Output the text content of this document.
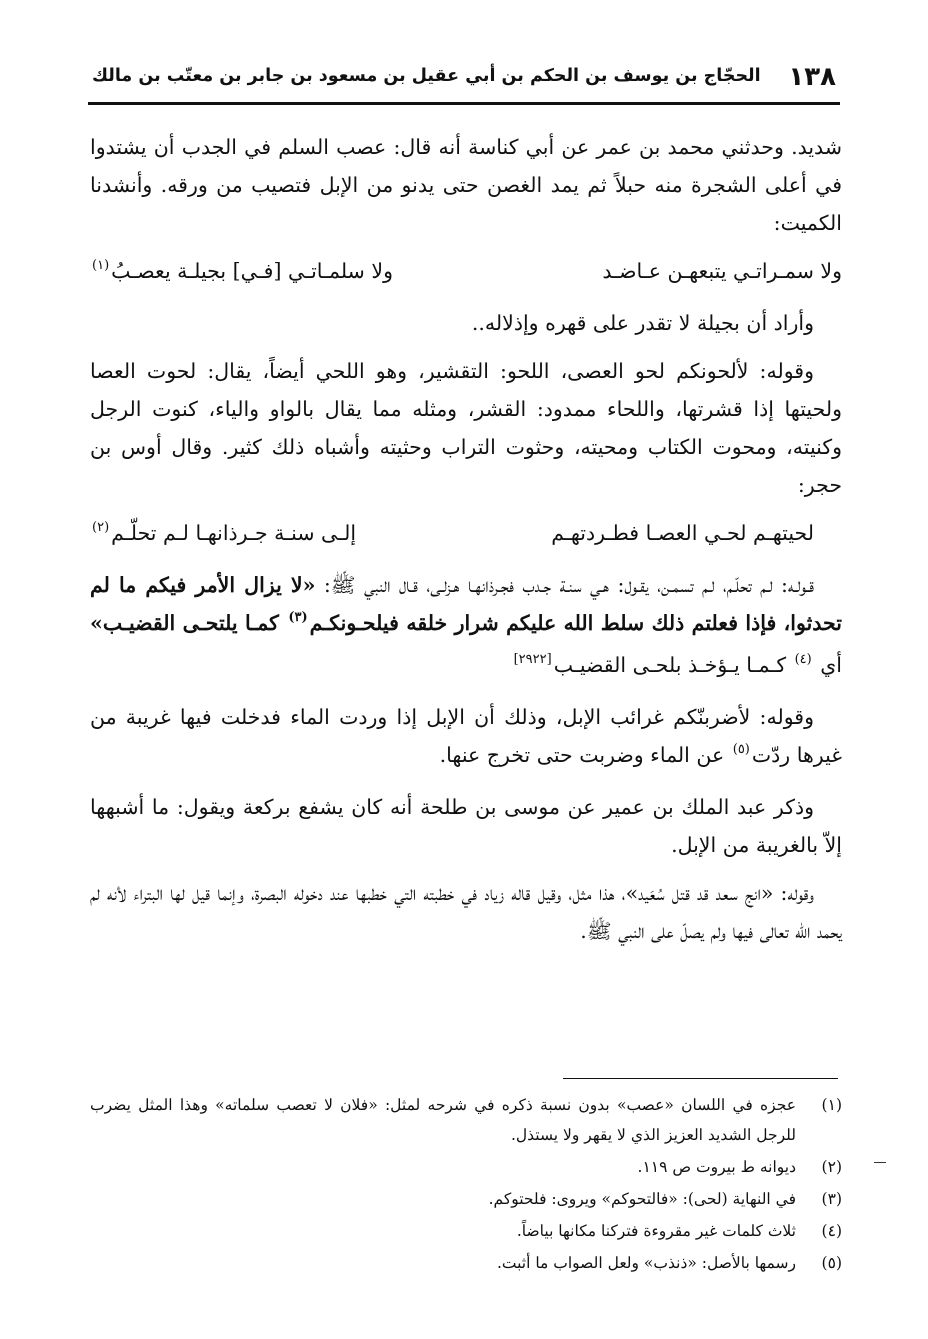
١٣٨
الحجّاج بن يوسف بن الحكم بن أبي عقيل بن مسعود بن جابر بن معتّب بن مالك

شديد. وحدثني محمد بن عمر عن أبي كناسة أنه قال: عصب السلم في الجدب أن يشتدوا في أعلى الشجرة منه حبلاً ثم يمد الغصن حتى يدنو من الإبل فتصيب من ورقه. وأنشدنا الكميت:

ولا سمـراتـي يتبعهـن عـاضـد
ولا سلمـاتـي [فـي] بجيلـة يعصـبُ$^{(١)}$

وأراد أن بجيلة لا تقدر على قهره وإذلاله..

وقوله: لألحونكم لحو العصى، اللحو: التقشير، وهو اللحي أيضاً، يقال: لحوت العصا ولحيتها إذا قشرتها، واللحاء ممدود: القشر، ومثله مما يقال بالواو والياء، كنوت الرجل وكنيته، ومحوت الكتاب ومحيته، وحثوت التراب وحثيته وأشباه ذلك كثير. وقال أوس بن حجر:

لحيتهـم لحـي العصـا فطـردتهـم
إلـى سنـة جـرذانهـا لـم تحلّـم$^{(٢)}$

قـولـه: لـم تحلّـم، لـم تسمـن، يقـول: هـي سنـة جـدب فجـرذانهـا هـزلـى، قـال النبي ﷺ: «لا يزال الأمر فيكم ما لم تحدثوا، فإذا فعلتم ذلك سلط الله عليكم شرار خلقه فيلحـونكـم$^{(٣)}$ كمـا يلتحـى القضيـب» أي $^{(٤)}$ كـمـا يـؤخـذ بلحـى القضيـب[٢٩٢٢]

وقوله: لأضربنّكم غرائب الإبل، وذلك أن الإبل إذا وردت الماء فدخلت فيها غريبة من غيرها ردّت$^{(٥)}$ عن الماء وضربت حتى تخرج عنها.

وذكر عبد الملك بن عمير عن موسى بن طلحة أنه كان يشفع بركعة ويقول: ما أشبهها إلاّ بالغريبة من الإبل.

وقوله: «انج سعد قد قتل سُعَيد»، هذا مثل، وقيل قاله زياد في خطبته التي خطبها عند دخوله البصرة، وإنما قيل لها البتراء لأنه لم يحمد الله تعالى فيها ولم يصلّ على النبي ﷺ.

(١)
عجزه في اللسان «عصب» بدون نسبة ذكره في شرحه لمثل: «فلان لا تعصب سلماته» وهذا المثل يضرب للرجل الشديد العزيز الذي لا يقهر ولا يستذل.
(٢)
ديوانه ط بيروت ص ١١٩.
(٣)
في النهاية (لحى): «فالتحوكم» ويروى: فلحتوكم.
(٤)
ثلاث كلمات غير مقروءة فتركنا مكانها بياضاً.
(٥)
رسمها بالأصل: «ذنذب» ولعل الصواب ما أثبت.
